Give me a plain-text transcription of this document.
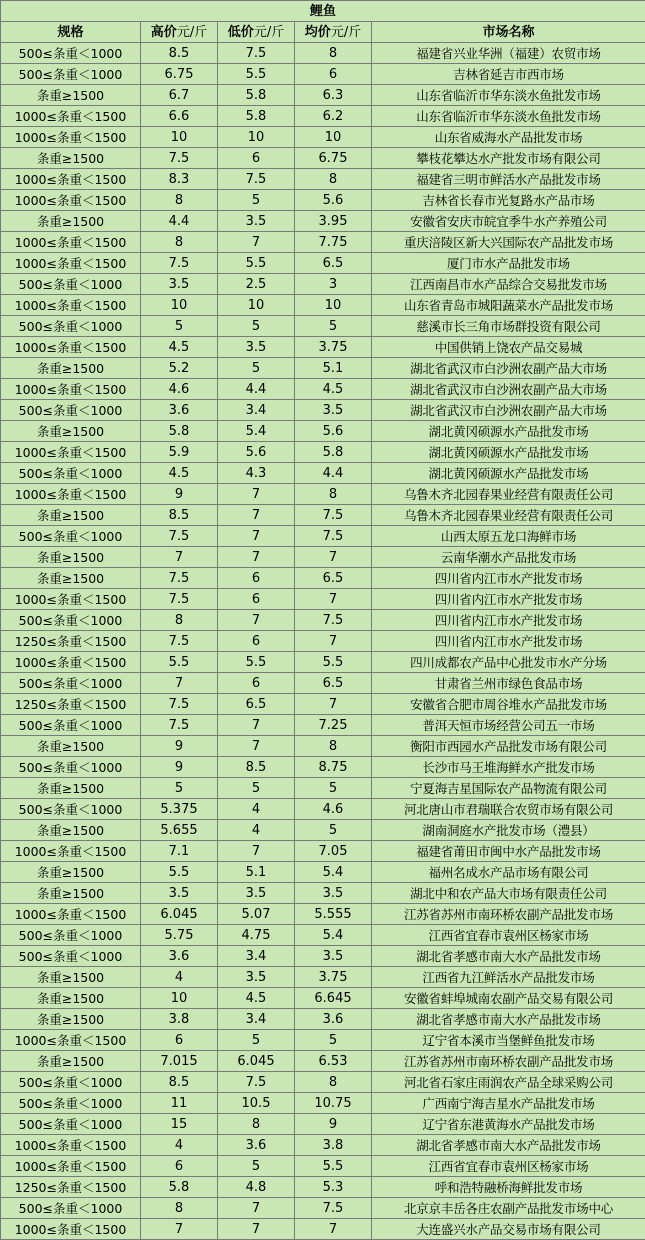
鲤鱼				
规格	高价元/斤	低价元/斤	均价元/斤	市场名称
500≤条重＜1000	8.5	7.5	8	福建省兴业华洲（福建）农贸市场
500≤条重＜1000	6.75	5.5	6	吉林省延吉市西市场
条重≥1500	6.7	5.8	6.3	山东省临沂市华东淡水鱼批发市场
1000≤条重＜1500	6.6	5.8	6.2	山东省临沂市华东淡水鱼批发市场
1000≤条重＜1500	10	10	10	山东省威海水产品批发市场
条重≥1500	7.5	6	6.75	攀枝花攀达水产批发市场有限公司
1000≤条重＜1500	8.3	7.5	8	福建省三明市鲜活水产品批发市场
1000≤条重＜1500	8	5	5.6	吉林省长春市光复路水产品市场
条重≥1500	4.4	3.5	3.95	安徽省安庆市皖宜季牛水产养殖公司
1000≤条重＜1500	8	7	7.75	重庆涪陵区新大兴国际农产品批发市场
1000≤条重＜1500	7.5	5.5	6.5	厦门市水产品批发市场
500≤条重＜1000	3.5	2.5	3	江西南昌市水产品综合交易批发市场
1000≤条重＜1500	10	10	10	山东省青岛市城阳蔬菜水产品批发市场
500≤条重＜1000	5	5	5	慈溪市长三角市场群投资有限公司
1000≤条重＜1500	4.5	3.5	3.75	中国供销上饶农产品交易城
条重≥1500	5.2	5	5.1	湖北省武汉市白沙洲农副产品大市场
1000≤条重＜1500	4.6	4.4	4.5	湖北省武汉市白沙洲农副产品大市场
500≤条重＜1000	3.6	3.4	3.5	湖北省武汉市白沙洲农副产品大市场
条重≥1500	5.8	5.4	5.6	湖北黄冈硕源水产品批发市场
1000≤条重＜1500	5.9	5.6	5.8	湖北黄冈硕源水产品批发市场
500≤条重＜1000	4.5	4.3	4.4	湖北黄冈硕源水产品批发市场
1000≤条重＜1500	9	7	8	乌鲁木齐北园春果业经营有限责任公司
条重≥1500	8.5	7	7.5	乌鲁木齐北园春果业经营有限责任公司
500≤条重＜1000	7.5	7	7.5	山西太原五龙口海鲜市场
条重≥1500	7	7	7	云南华潮水产品批发市场
条重≥1500	7.5	6	6.5	四川省内江市水产批发市场
1000≤条重＜1500	7.5	6	7	四川省内江市水产批发市场
500≤条重＜1000	8	7	7.5	四川省内江市水产批发市场
1250≤条重＜1500	7.5	6	7	四川省内江市水产批发市场
1000≤条重＜1500	5.5	5.5	5.5	四川成都农产品中心批发市水产分场
500≤条重＜1000	7	6	6.5	甘肃省兰州市绿色食品市场
1250≤条重＜1500	7.5	6.5	7	安徽省合肥市周谷堆水产品批发市场
500≤条重＜1000	7.5	7	7.25	普洱天恒市场经营公司五一市场
条重≥1500	9	7	8	衡阳市西园水产品批发市场有限公司
500≤条重＜1000	9	8.5	8.75	长沙市马王堆海鲜水产批发市场
条重≥1500	5	5	5	宁夏海吉星国际农产品物流有限公司
500≤条重＜1000	5.375	4	4.6	河北唐山市君瑞联合农贸市场有限公司
条重≥1500	5.655	4	5	湖南洞庭水产批发市场（澧县）
1000≤条重＜1500	7.1	7	7.05	福建省莆田市闽中水产品批发市场
条重≥1500	5.5	5.1	5.4	福州名成水产品市场有限公司
条重≥1500	3.5	3.5	3.5	湖北中和农产品大市场有限责任公司
1000≤条重＜1500	6.045	5.07	5.555	江苏省苏州市南环桥农副产品批发市场
500≤条重＜1000	5.75	4.75	5.4	江西省宜春市袁州区杨家市场
500≤条重＜1000	3.6	3.4	3.5	湖北省孝感市南大水产品批发市场
条重≥1500	4	3.5	3.75	江西省九江鲜活水产品批发市场
条重≥1500	10	4.5	6.645	安徽省蚌埠城南农副产品交易有限公司
条重≥1500	3.8	3.4	3.6	湖北省孝感市南大水产品批发市场
1000≤条重＜1500	6	5	5	辽宁省本溪市当堡鲜鱼批发市场
条重≥1500	7.015	6.045	6.53	江苏省苏州市南环桥农副产品批发市场
500≤条重＜1000	8.5	7.5	8	河北省石家庄雨润农产品全球采购公司
500≤条重＜1000	11	10.5	10.75	广西南宁海吉星水产品批发市场
500≤条重＜1000	15	8	9	辽宁省东港黄海水产品批发市场
1000≤条重＜1500	4	3.6	3.8	湖北省孝感市南大水产品批发市场
1000≤条重＜1500	6	5	5.5	江西省宜春市袁州区杨家市场
1250≤条重＜1500	5.8	4.8	5.3	呼和浩特融桥海鲜批发市场
500≤条重＜1000	8	7	7.5	北京京丰岳各庄农副产品批发市场中心
1000≤条重＜1500	7	7	7	大连盛兴水产品交易市场有限公司
